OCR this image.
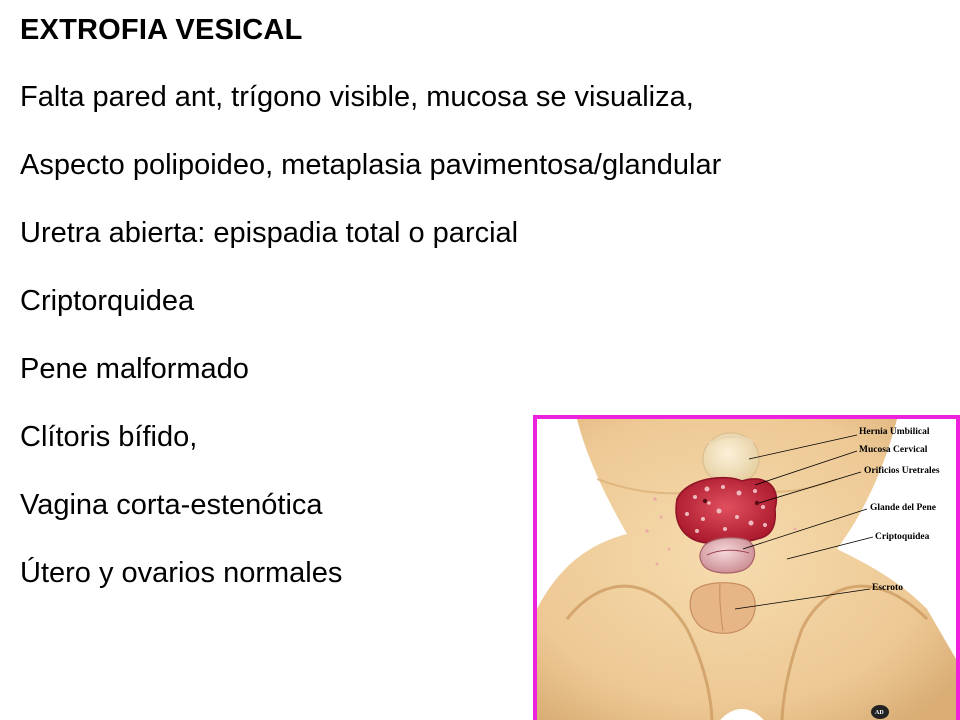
EXTROFIA VESICAL
Falta pared ant, trígono visible, mucosa se visualiza,
Aspecto polipoideo, metaplasia pavimentosa/glandular
Uretra abierta: epispadia total o parcial
Criptorquidea
Pene malformado
Clítoris bífido,
Vagina corta-estenótica
Útero y ovarios normales
Hernia Umbilical
Mucosa Cervical
Orificios Uretrales
Glande del Pene
Criptoquidea
Escroto
AD
